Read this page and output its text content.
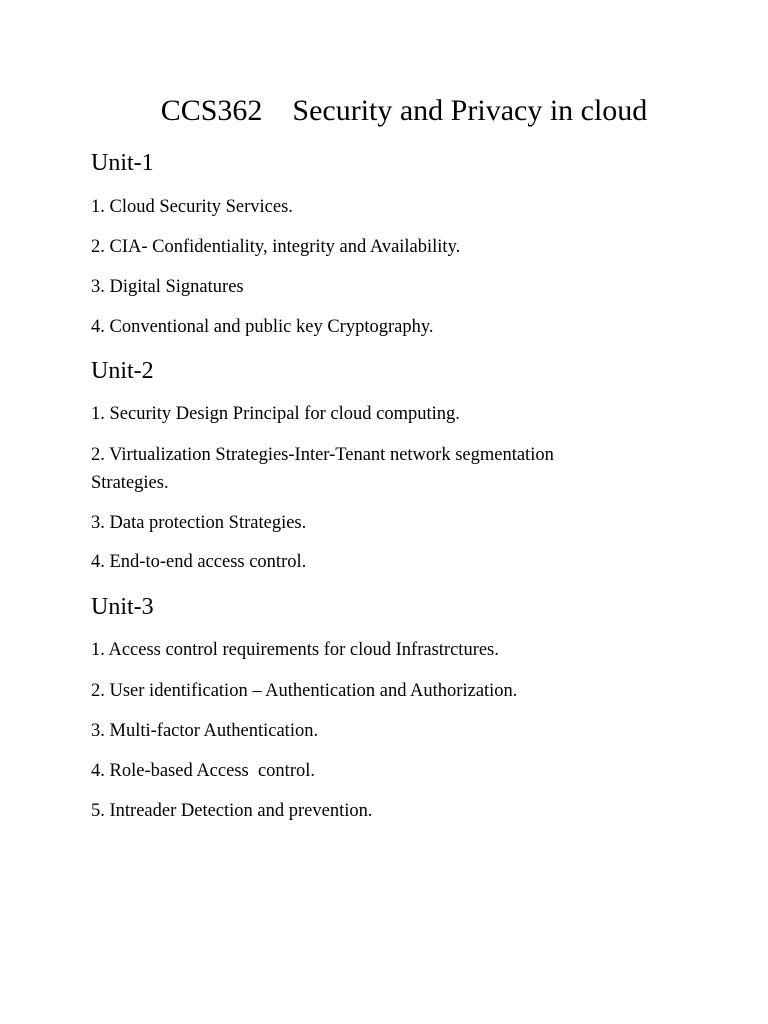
CCS362    Security and Privacy in cloud
Unit-1
1. Cloud Security Services.
2. CIA- Confidentiality, integrity and Availability.
3. Digital Signatures
4. Conventional and public key Cryptography.
Unit-2
1. Security Design Principal for cloud computing.
2. Virtualization Strategies-Inter-Tenant network segmentation Strategies.
3. Data protection Strategies.
4. End-to-end access control.
Unit-3
1. Access control requirements for cloud Infrastrctures.
2. User identification – Authentication and Authorization.
3. Multi-factor Authentication.
4. Role-based Access  control.
5. Intreader Detection and prevention.
